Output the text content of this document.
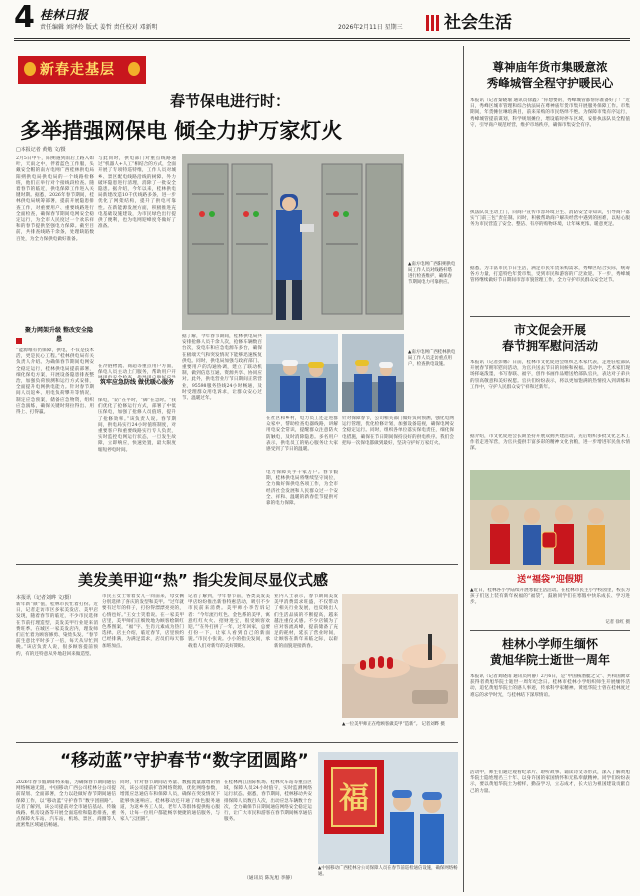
4 桂林日报
责任编辑 刘泽伶 版式 姜哲 责任校对 邓新明	2026年2月11日 星期三 社会生活
新春走基层
春节保电进行时：
多举措强网保电 倾全力护万家灯火
□本报记者 黄勉 文/摄
2月5日中午，阳朔遇到雨后上路入如叶，天雨之中，伴着蓝色工作服，头戴安全帽的南方电网广西桂林供电局阳朔供电局供电局的一个线路检修班，他们正举行对个接线段检查。随着春节的临近，供电保障工作进入关键时期。据悉，2026年春节期间，桂林供电局统筹部署，提前开展隐患排查工作，对重要用户、重要线路进行全面检查，确保春节期间电网安全稳定运行，为全市人民度过一个欢乐祥和的春节提供坚强电力保障。截至目前，共排查线路千余条，处理缺陷数百处，为全力保供电做好准备。
聚力网架升级 整改安全隐患
“能源唯有仍保障，供电，不仅是技术活，更是民心工程。”桂林供电局有关负责人介绍。为确保春节期间电网安全稳定运行，桂林供电局提前部署，细化保电方案，开展设备隐患排查整治，加强负荷预测和运行方式安排，全面提升电网供电能力。针对春节期间人员返乡、用电负荷攀升等情况，制定应急预案，储备应急物资，组织应急演练，确保关键时刻拉得出、用得上、打得赢。
与此同时，供电部门对重点线路通过“机器人+人工”相结合的方式，全面开展了专项特巡特维，工作人员对城乡、景区配电线路沿线的树障、外力破坏隐患进行清理，消除了一批安全隐患。据介绍，今年以来，桂林供电局新建改造10千伏线路多条，进一步优化了网架结构，提升了供电可靠性。在新能源发展方面，积极推进充电基础设施建设，为市民绿色出行提供了便利，也为电网迎峰度冬做好了准备。
在冷链物流、商超等重点用户方面，保电人员主动上门服务，帮助用户开
筑牢应急防线 做优暖心服务
保电，“防”在平时，“御”在急时。“我们优化了抢修运行方式，部署了中低压保电，加强了抢修人员值班，提升了抢修效率。”该负责人说。春节期间，供电局实行24小时值班制度，对重要客户和重要线路实行专人负责，实时监控电网运行状态，一旦发生故障，立即响应，快速处置，最大限度缩短停电时间。
据了解，今年春节期间，桂林供电局共安排抢修人员千余人次，抢修车辆数百台次，发电车和应急电源车多台，确保在极端天气和突发情况下能够迅速恢复供电。同时，供电局加强与政府部门、重要用户的沟通协调，建立了联动机制，做到信息互通、资源共享、协同应对。此外，供电营业厅节日期间正常营业，95598服务热线24小时畅通，及时受理群众用电诉求，让群众安心过节、温暖过年。
▲南方电网广西阳朔供电局工作人员对线路杆塔进行检查维护，确保春节期间电力可靠供应。
▲南方电网广西桂林供电局工作人员走访重点用户，检查供电设施。
在社区和乡村，电力员工还走进群众家中，帮助检查电器线路，讲解用电安全常识，提醒群众注意防火防触电，及时消除隐患。多名用户表示，供电员工的贴心服务让大家感受到了节日的温暖。
电力保障关乎千家万户。春节假期，桂林供电局将继续坚守岗位，全力做好保供电各项工作，为全市经济社会发展和人民群众过一个安全、祥和、温暖的新春佳节提供可靠的电力保障。
针对保障春节，公司相关部门做好负荷预测，强化电网运行管理，优化检修计划，加强设备巡视，确保电网安全稳定运行。同时，组织各单位落实保电责任，细化保电措施，确保在节日期间保持良好的供电秩序。我们会把每一次保电都做到最好，坚决守护好万家灯火。
美发美甲迎“热” 指尖发间尽显仪式感
本报讯（记者刘晔 文/摄）
新年新“颜”值，桂林市民忙着打扮。近日，记者走访市区多家美发店、美甲店发现，随着春节的临近，不少市民选择在节前打理造型，美发美甲行业迎来消费旺季。在城区一家美发店内，理发师们正忙着为顾客修剪、染烫头发。“春节前生意比平时多了一倍，每天从早忙到晚。”该店负责人说，很多顾客提前预约，有的还特意从外地赶回来做造型。
市民王女士带着女儿一同前来，母女俩分别选择了喜庆的发型和美甲。“过年就要有过年的样子，打扮得漂漂亮亮的，心情也好。”王女士笑着说。在一家美甲店里，美甲师们正细致地为顾客绘制红色系图案，“福”字、生肖元素成为热门选择。店主介绍，临近春节，店里预约已经排满，为满足需求，店员们每天都加班加点。
记者了解到，今年春节前，各类美发美甲店纷纷推出新春特惠活动，吸引不少市民前来消费。美甲师小李告诉记者：“今年流行红色、金色系的美甲，寓意红红火火、招财进宝，很受顾客欢迎。”“在外打拼了一年，过年回家，总要打扮一下，让家人看到自己的新面貌。”市民小张说。小小的指尖发间，承载着人们对新年的美好期盼。
业内人士表示，春节期间美发美甲消费需求旺盛，不仅带动了相关行业发展，也反映出人们生活品质的不断提高，越来越注重仪式感。不少店铺为了应对客流高峰，提前储备了充足的耗材，延长了营业时间，让顾客在新年来临之际，以崭新的面貌迎接新春。
▲一位美甲师正在给顾客做美甲“造新”。 记者刘晔 摄
“移动蓝”守护春节“数字团圆路”
2026年春节假期即将来临，为确保春节期间通信网络畅通无阻，中国移动广西公司桂林分公司提前谋划、全面部署，全力以赴做好春节期间通信保障工作，以“移动蓝”守护春节“数字团圆路”。记者了解到，该公司提前对全市通信基站、传输线路、机房设备等开展全面巡检和隐患排查，重点保障火车站、汽车站、机场、景区、商圈等人流密集区域通信畅通。
同时，针对春节期间话务量、数据流量激增的情况，该公司提前扩容网络资源，优化网络参数，增派应急通信车和保障人员，确保在突发情况下能够快速响应。桂林移动还开通了绿色服务通道，为返乡务工人员、老年人等群体提供贴心服务，让每一位用户都能畅享便捷的通信服务，与家人“云团圆”。
在桂林两江国际机场、桂林火车站等重点区域，保障人员24小时值守，实时监测网络运行状态。据悉，春节期间，桂林移动共安排保障人员数百人次，出动应急车辆数十台次，全力确保节日期间通信网络安全稳定运行，让广大市民和游客在春节期间畅享通信服务。
（通讯员 陈先旭 李静）
福
▲中国移动广西桂林分公司保障人员在春节前巡检通信设施，确保网络畅通。
尊神庙年货市集暖意浓
秀峰城管全程守护暖民心
本报讯（记者秦晓瑜 通讯员徐鑫）“你想要的，秀峰城管都帮你准备好了！”近日，秀峰区城市管理和综合执法局在尊神庙年货市集开展服务保障工作。市集期间，年货摊位琳琅满目，前来采购的市民络绎不绝。为保障市集有序运行，秀峰城管提前谋划，科学规划摊位，增设临时停车区域，安排执法队员全程值守，引导商户规范经营，维护市场秩序，确保市集安全有序。
执法队员主动上门，向商户宣传市容环境卫生、消防安全等知识，引导商户落实“门前三包”责任制。同时，积极帮助商户解决经营中遇到的困难，以贴心服务为市民营造了安全、整洁、有序的购物环境，让年味更浓、暖意更足。
据悉，为丰富市民节日生活，满足市民年货采购需求，秀峰区结合实际，统筹各方力量，打造特色年货市集，受到市民和游客的广泛欢迎。下一步，秀峰城管将继续做好节日期间市容市貌管理工作，全力守护市民群众安全过节。
市文促会开展
春节拥军慰问活动
本报讯（记者彭娜）日前，桂林市文化促进会组织艺术家代表，走进驻桂部队开展春节拥军慰问活动，为官兵送去节日的问候和祝福。活动中，艺术家们现场挥毫泼墨，书写春联、福字，创作书画作品赠送给部队官兵，表达对子弟兵的崇高敬意和美好祝愿。官兵们纷纷表示，将以更加饱满的热情投入到训练和工作中，守护人民群众安宁祥和过新年。
据介绍，市文化促进会长期坚持开展双拥共建活动，先后组织多批文化艺术工作者走进军营，为官兵提供丰富多彩的精神文化食粮，进一步增进军民鱼水情深。
送“福袋”迎假期
▲近日，桂林各小学陆续开展寒假生活活动。在桂林市民主小学校园里，校长为孩子们送上装有新年祝福的“福袋”，鼓励同学们在寒假中快乐成长、学习进步。
记者 徐红 摄
桂林小学师生缅怀
黄旭华院士逝世一周年
本报讯（记者刘晓雨 通讯员何静）2月6日，是“中国核潜艇之父”、共和国勋章获得者黄旭华院士逝世一周年纪念日。桂林市桂林小学组织师生开展缅怀活动，追忆黄旭华院士的感人事迹，传承科学家精神。黄旭华院士曾在桂林度过难忘的求学时光，与桂林结下深厚情谊。
活动中，师生们通过观看纪录片、聆听故事、诵读诗文等形式，深入了解黄旭华院士隐姓埋名三十年、以身许国的家国情怀和无私奉献精神。同学们纷纷表示，要以黄旭华院士为榜样，勤奋学习，立志成才，长大后为祖国建设贡献自己的力量。
